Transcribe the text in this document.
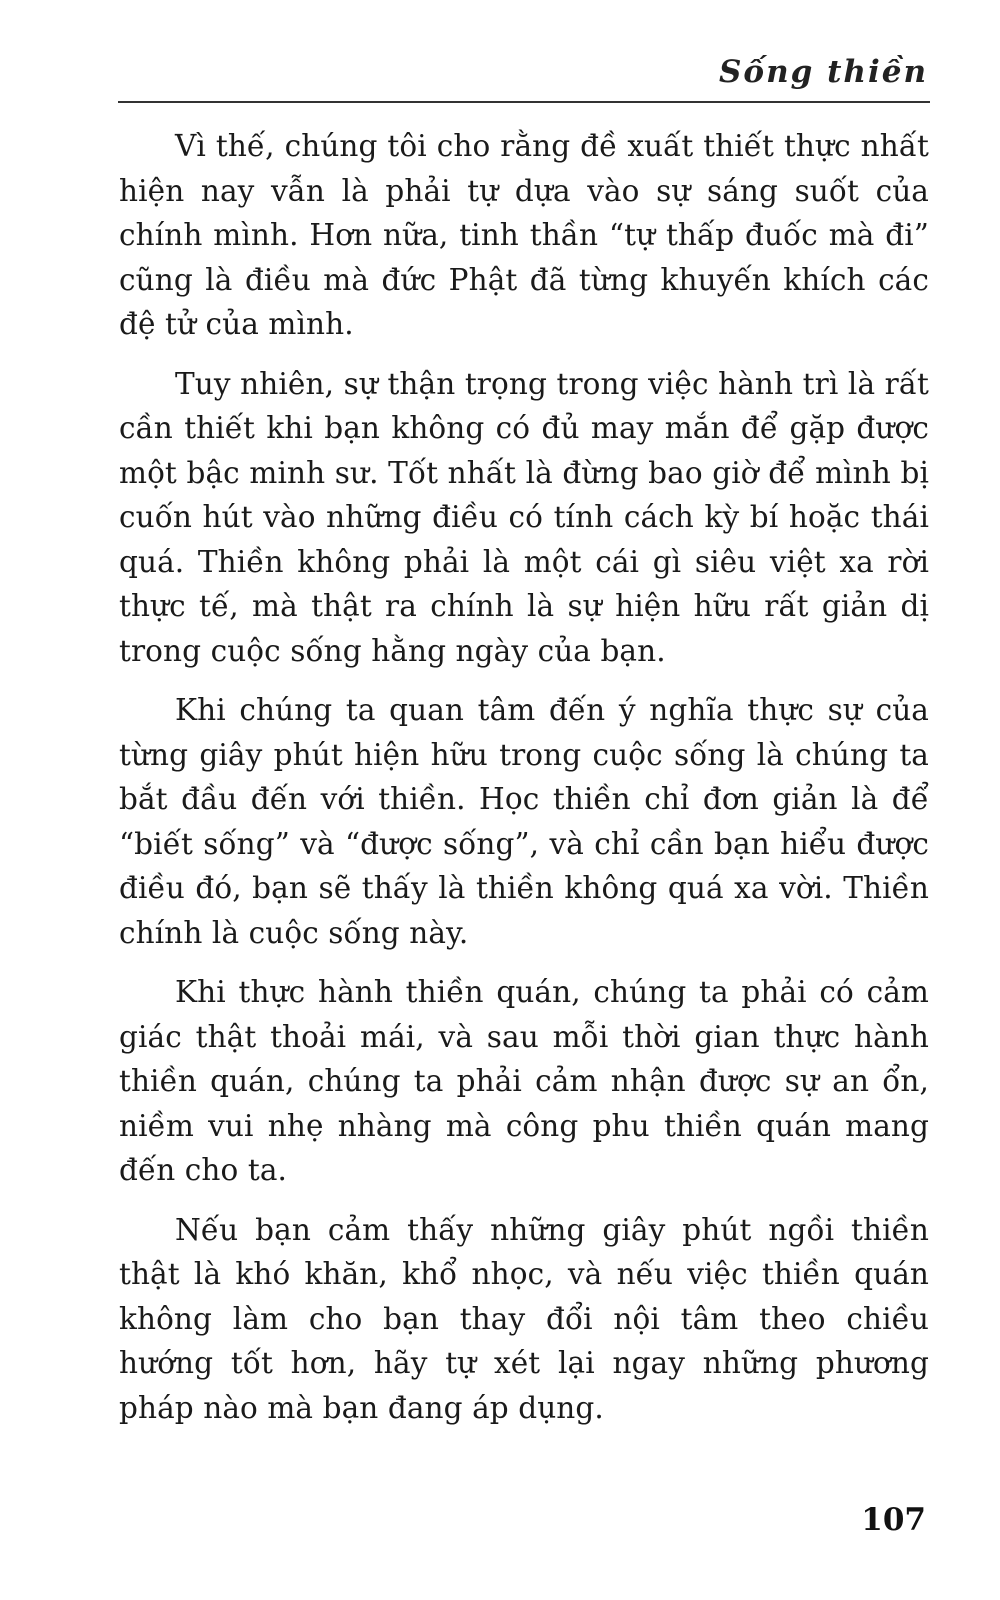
Sống thiền

Vì thế, chúng tôi cho rằng đề xuất thiết thực nhất hiện nay vẫn là phải tự dựa vào sự sáng suốt của chính mình. Hơn nữa, tinh thần “tự thấp đuốc mà đi” cũng là điều mà đức Phật đã từng khuyến khích các đệ tử của mình.

Tuy nhiên, sự thận trọng trong việc hành trì là rất cần thiết khi bạn không có đủ may mắn để gặp được một bậc minh sư. Tốt nhất là đừng bao giờ để mình bị cuốn hút vào những điều có tính cách kỳ bí hoặc thái quá. Thiền không phải là một cái gì siêu việt xa rời thực tế, mà thật ra chính là sự hiện hữu rất giản dị trong cuộc sống hằng ngày của bạn.

Khi chúng ta quan tâm đến ý nghĩa thực sự của từng giây phút hiện hữu trong cuộc sống là chúng ta bắt đầu đến với thiền. Học thiền chỉ đơn giản là để “biết sống” và “được sống”, và chỉ cần bạn hiểu được điều đó, bạn sẽ thấy là thiền không quá xa vời. Thiền chính là cuộc sống này.

Khi thực hành thiền quán, chúng ta phải có cảm giác thật thoải mái, và sau mỗi thời gian thực hành thiền quán, chúng ta phải cảm nhận được sự an ổn, niềm vui nhẹ nhàng mà công phu thiền quán mang đến cho ta.

Nếu bạn cảm thấy những giây phút ngồi thiền thật là khó khăn, khổ nhọc, và nếu việc thiền quán không làm cho bạn thay đổi nội tâm theo chiều hướng tốt hơn, hãy tự xét lại ngay những phương pháp nào mà bạn đang áp dụng.

107
